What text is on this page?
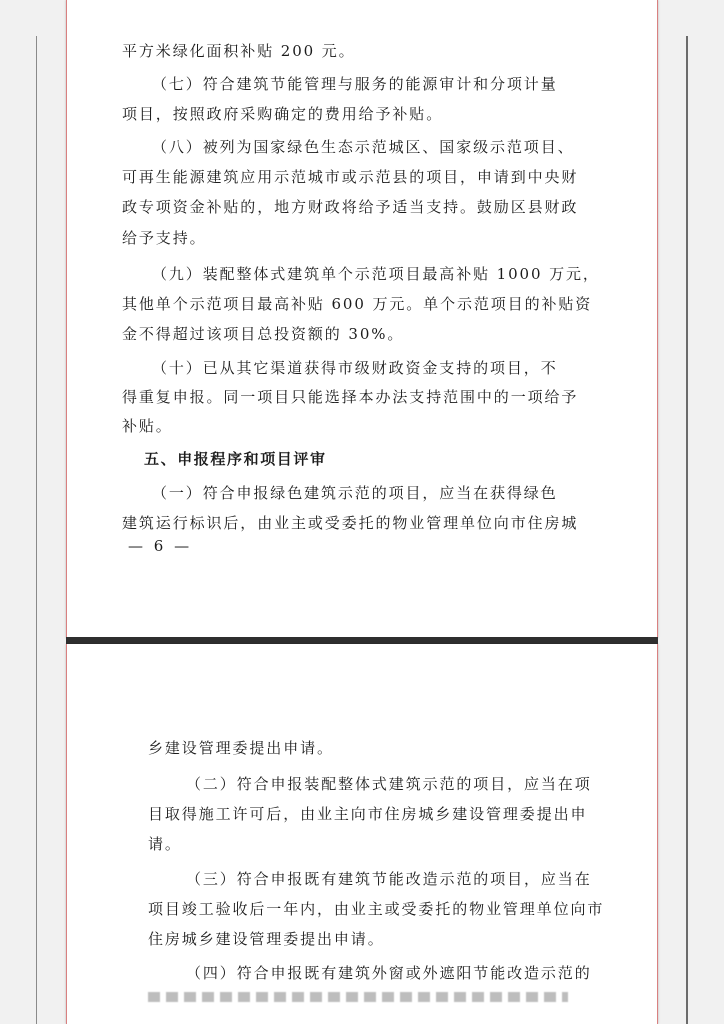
平方米绿化面积补贴 200 元。
（七）符合建筑节能管理与服务的能源审计和分项计量
项目，按照政府采购确定的费用给予补贴。
（八）被列为国家绿色生态示范城区、国家级示范项目、
可再生能源建筑应用示范城市或示范县的项目，申请到中央财
政专项资金补贴的，地方财政将给予适当支持。鼓励区县财政
给予支持。
（九）装配整体式建筑单个示范项目最高补贴 1000 万元，
其他单个示范项目最高补贴 600 万元。单个示范项目的补贴资
金不得超过该项目总投资额的 30%。
（十）已从其它渠道获得市级财政资金支持的项目，不
得重复申报。同一项目只能选择本办法支持范围中的一项给予
补贴。
五、申报程序和项目评审
（一）符合申报绿色建筑示范的项目，应当在获得绿色
建筑运行标识后，由业主或受委托的物业管理单位向市住房城
— 6 —
乡建设管理委提出申请。
（二）符合申报装配整体式建筑示范的项目，应当在项
目取得施工许可后，由业主向市住房城乡建设管理委提出申
请。
（三）符合申报既有建筑节能改造示范的项目，应当在
项目竣工验收后一年内，由业主或受委托的物业管理单位向市
住房城乡建设管理委提出申请。
（四）符合申报既有建筑外窗或外遮阳节能改造示范的
